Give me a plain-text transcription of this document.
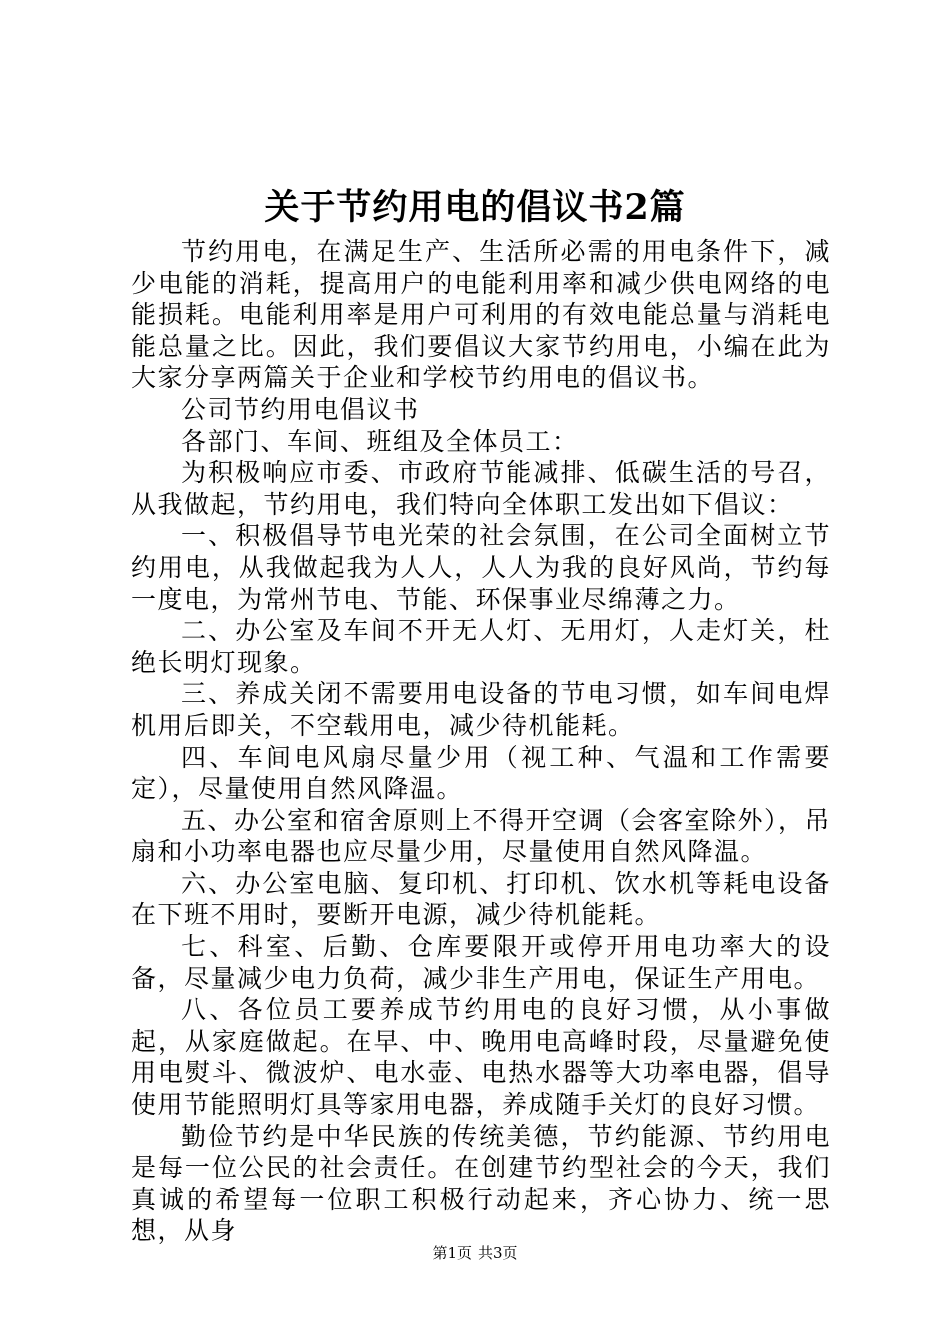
关于节约用电的倡议书2篇

节约用电，在满足生产、生活所必需的用电条件下，减少电能的消耗，提高用户的电能利用率和减少供电网络的电能损耗。电能利用率是用户可利用的有效电能总量与消耗电能总量之比。因此，我们要倡议大家节约用电，小编在此为大家分享两篇关于企业和学校节约用电的倡议书。

公司节约用电倡议书

各部门、车间、班组及全体员工：

为积极响应市委、市政府节能减排、低碳生活的号召，从我做起，节约用电，我们特向全体职工发出如下倡议：

一、积极倡导节电光荣的社会氛围，在公司全面树立节约用电，从我做起我为人人，人人为我的良好风尚，节约每一度电，为常州节电、节能、环保事业尽绵薄之力。

二、办公室及车间不开无人灯、无用灯，人走灯关，杜绝长明灯现象。

三、养成关闭不需要用电设备的节电习惯，如车间电焊机用后即关，不空载用电，减少待机能耗。

四、车间电风扇尽量少用（视工种、气温和工作需要定），尽量使用自然风降温。

五、办公室和宿舍原则上不得开空调（会客室除外），吊扇和小功率电器也应尽量少用，尽量使用自然风降温。

六、办公室电脑、复印机、打印机、饮水机等耗电设备在下班不用时，要断开电源，减少待机能耗。

七、科室、后勤、仓库要限开或停开用电功率大的设备，尽量减少电力负荷，减少非生产用电，保证生产用电。

八、各位员工要养成节约用电的良好习惯，从小事做起，从家庭做起。在早、中、晚用电高峰时段，尽量避免使用电熨斗、微波炉、电水壶、电热水器等大功率电器，倡导使用节能照明灯具等家用电器，养成随手关灯的良好习惯。

勤俭节约是中华民族的传统美德，节约能源、节约用电是每一位公民的社会责任。在创建节约型社会的今天，我们真诚的希望每一位职工积极行动起来，齐心协力、统一思想，从身

第1页 共3页
